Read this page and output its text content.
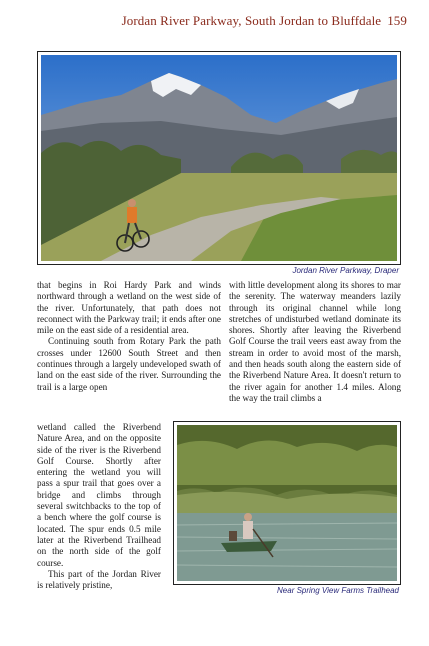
Jordan River Parkway, South Jordan to Bluffdale 159
Jordan River Parkway, Draper

that begins in Roi Hardy Park and winds northward through a wetland on the west side of the river. Unfortunately, that path does not reconnect with the Parkway trail; it ends after one mile on the east side of a residential area.

Continuing south from Rotary Park the path crosses under 12600 South Street and then continues through a largely undeveloped swath of land on the east side of the river. Surrounding the trail is a large open

wetland called the Riverbend Nature Area, and on the opposite side of the river is the Riverbend Golf Course. Shortly after entering the wetland you will pass a spur trail that goes over a bridge and climbs through several switchbacks to the top of a bench where the golf course is located. The spur ends 0.5 mile later at the Riverbend Trailhead on the north side of the golf course.

This part of the Jordan River is relatively pristine,

with little development along its shores to mar the serenity. The waterway meanders lazily through its original channel while long stretches of undisturbed wetland dominate its shores. Shortly after leaving the Riverbend Golf Course the trail veers east away from the stream in order to avoid most of the marsh, and then heads south along the eastern side of the Riverbend Nature Area. It doesn't return to the river again for another 1.4 miles. Along the way the trail climbs a

Near Spring View Farms Trailhead
